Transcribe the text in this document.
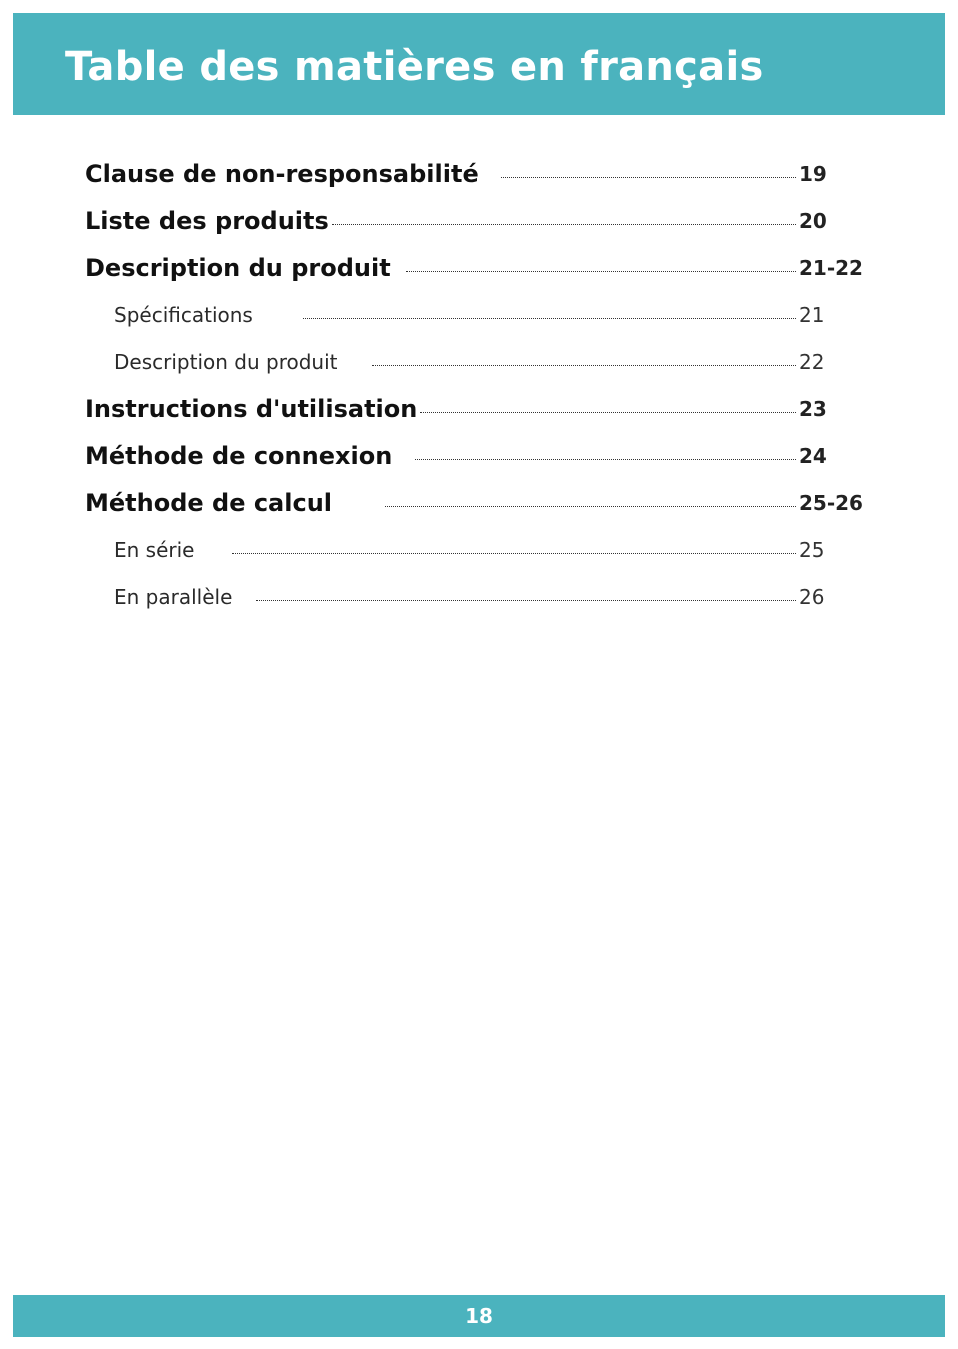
Table des matières en français
Clause de non-responsabilité	19
Liste des produits	20
Description du produit	21-22
Spécifications	21
Description du produit	22
Instructions d'utilisation	23
Méthode de connexion	24
Méthode de calcul	25-26
En série	25
En parallèle	26
18
